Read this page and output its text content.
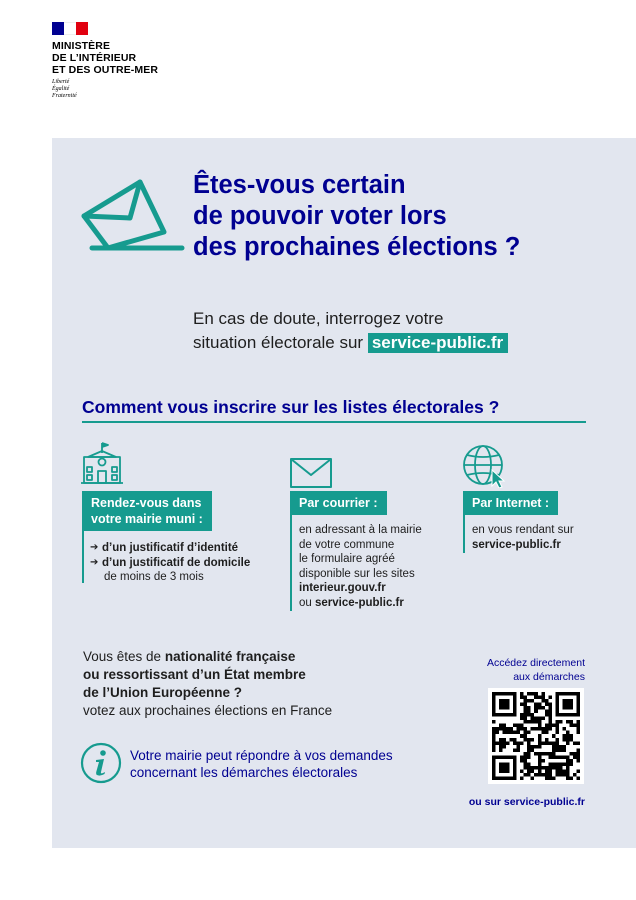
MINISTÈRE
DE L’INTÉRIEUR
ET DES OUTRE-MER
Liberté
Égalité
Fraternité
Êtes-vous certain
de pouvoir voter lors
des prochaines élections ?
En cas de doute, interrogez votre
situation électorale sur service-public.fr
Comment vous inscrire sur les listes électorales ?
Rendez-vous dans
votre mairie muni :
➔ d’un justificatif d’identité
➔ d’un justificatif de domicile
de moins de 3 mois
Par courrier :
en adressant à la mairie
de votre commune
le formulaire agréé
disponible sur les sites
interieur.gouv.fr
ou service-public.fr
Par Internet :
en vous rendant sur
service-public.fr
Vous êtes de nationalité française
ou ressortissant d’un État membre
de l’Union Européenne ?
votez aux prochaines élections en France
Votre mairie peut répondre à vos demandes
concernant les démarches électorales
Accédez directement
aux démarches
ou sur service-public.fr
